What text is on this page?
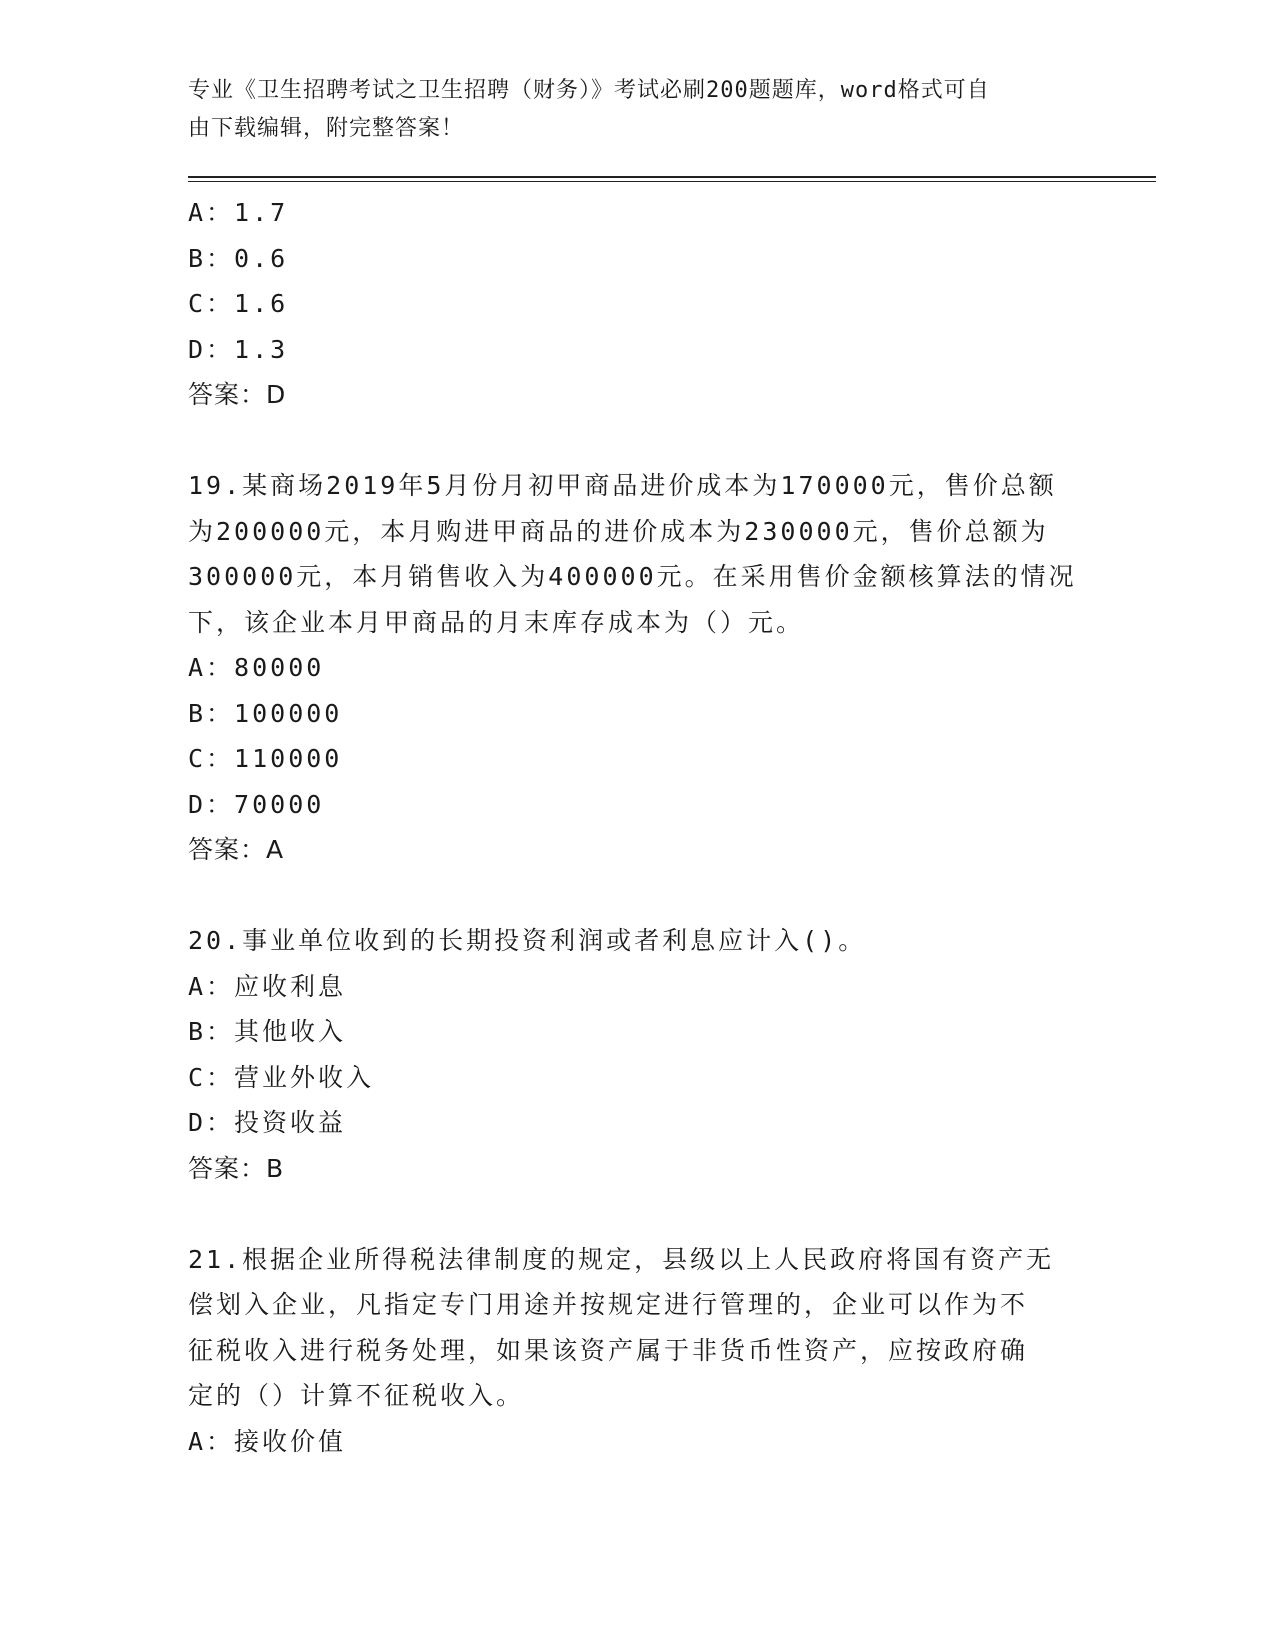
专业《卫生招聘考试之卫生招聘（财务）》考试必刷200题题库，word格式可自
由下载编辑，附完整答案！
A：1.7
B：0.6
C：1.6
D：1.3
答案：D
19.某商场2019年5月份月初甲商品进价成本为170000元，售价总额
为200000元，本月购进甲商品的进价成本为230000元，售价总额为
300000元，本月销售收入为400000元。在采用售价金额核算法的情况
下，该企业本月甲商品的月末库存成本为（）元。
A：80000
B：100000
C：110000
D：70000
答案：A
20.事业单位收到的长期投资利润或者利息应计入()。
A：应收利息
B：其他收入
C：营业外收入
D：投资收益
答案：B
21.根据企业所得税法律制度的规定，县级以上人民政府将国有资产无
偿划入企业，凡指定专门用途并按规定进行管理的，企业可以作为不
征税收入进行税务处理，如果该资产属于非货币性资产，应按政府确
定的（）计算不征税收入。
A：接收价值
